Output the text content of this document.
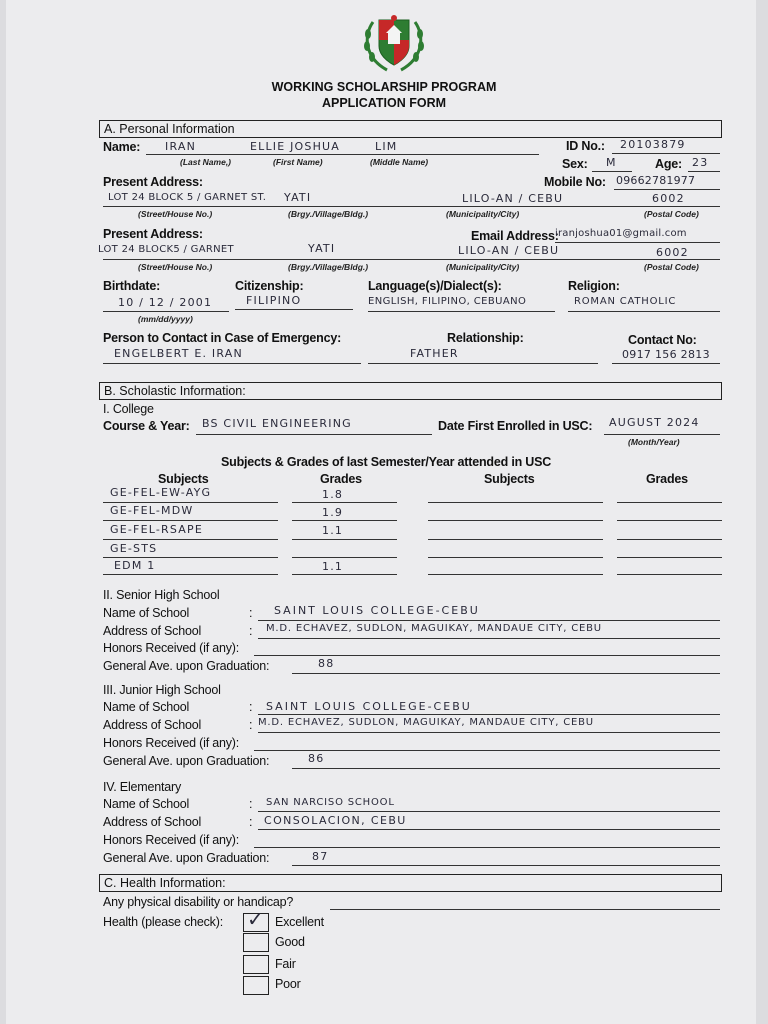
WORKING SCHOLARSHIP PROGRAM
APPLICATION FORM
A. Personal Information
Name: IRAN	ELLIE JOSHUA	LIM
(Last Name,)	(First Name)	(Middle Name)
ID No.: 20103879
Sex: M	Age: 23
Present Address:	Mobile No: 09662781977
LOT 24 BLOCK 5 / GARNET ST. YATI	LILO-AN / CEBU	6002
(Street/House No.)	(Brgy./Village/Bldg.)	(Municipality/City)	(Postal Code)
Present Address:	Email Address:
iranjoshua01@gmail.com
LOT 24 BLOCK5 / GARNET	YATI	LILO-AN / CEBU	6002
(Street/House No.)	(Brgy./Village/Bldg.)	(Municipality/City)	(Postal Code)
Birthdate:
10 / 12 / 2001
(mm/dd/yyyy)
Citizenship:
FILIPINO
Language(s)/Dialect(s):
ENGLISH, FILIPINO, CEBUANO
Religion:
ROMAN CATHOLIC
Person to Contact in Case of Emergency:
ENGELBERT E. IRAN
Relationship:
FATHER
Contact No:
0917 156 2813
B. Scholastic Information:
I. College
Course & Year: BS CIVIL ENGINEERING	Date First Enrolled in USC: AUGUST 2024
(Month/Year)
Subjects & Grades of last Semester/Year attended in USC
Subjects	Grades	Subjects	Grades
GE-FEL-EW-AYG	1.8
GE-FEL-MDW	1.9
GE-FEL-RSAPE	1.1
GE-STS
EDM 1	1.1
II. Senior High School
Name of School	: SAINT LOUIS COLLEGE-CEBU
Address of School	: M.D. ECHAVEZ, SUDLON, MAGUIKAY, MANDAUE CITY, CEBU
Honors Received (if any):
General Ave. upon Graduation:	88
III. Junior High School
Name of School	: SAINT LOUIS COLLEGE-CEBU
Address of School	: M.D. ECHAVEZ, SUDLON, MAGUIKAY, MANDAUE CITY, CEBU
Honors Received (if any):
General Ave. upon Graduation:	86
IV. Elementary
Name of School	: SAN NARCISO SCHOOL
Address of School	: CONSOLACION, CEBU
Honors Received (if any):
General Ave. upon Graduation:	87
C. Health Information:
Any physical disability or handicap?
Health (please check): ✓ Excellent
Good
Fair
Poor
